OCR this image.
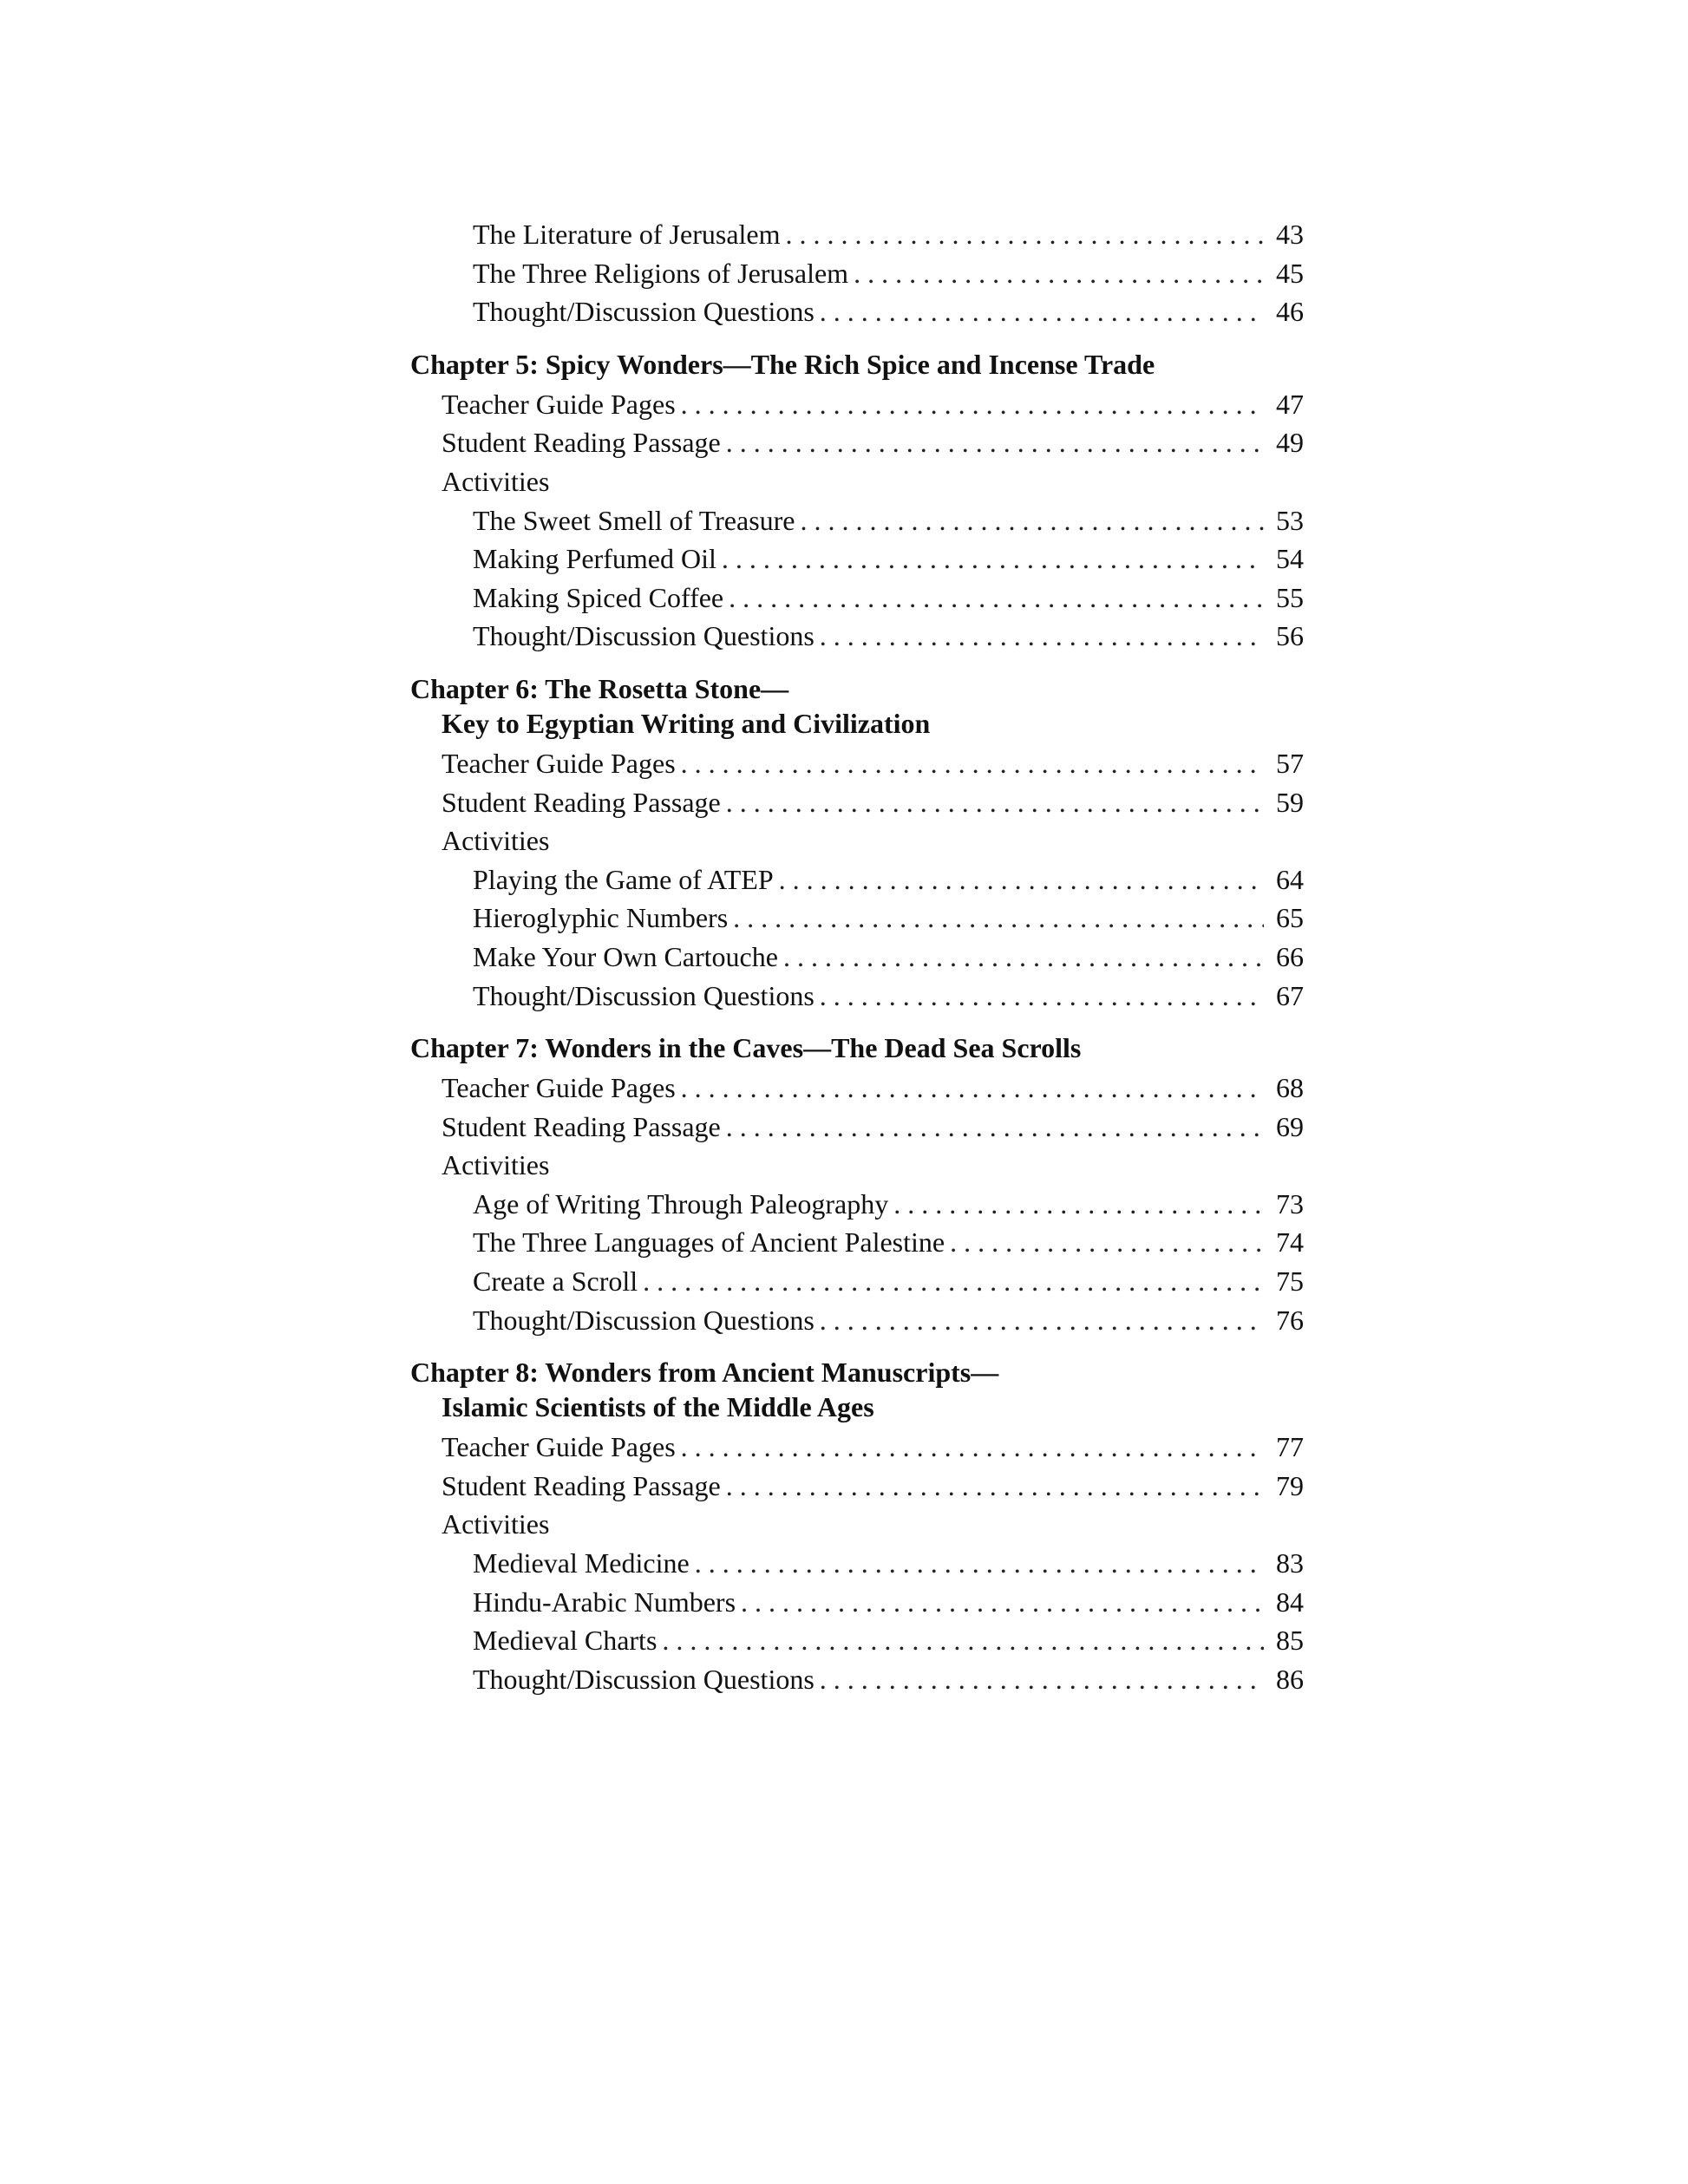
The Literature of Jerusalem . . .	43
The Three Religions of Jerusalem . . .	45
Thought/Discussion Questions . . .	46
Chapter 5: Spicy Wonders—The Rich Spice and Incense Trade
Teacher Guide Pages . . .	47
Student Reading Passage . . .	49
Activities
The Sweet Smell of Treasure . . .	53
Making Perfumed Oil . . .	54
Making Spiced Coffee . . .	55
Thought/Discussion Questions . . .	56
Chapter 6: The Rosetta Stone—
Key to Egyptian Writing and Civilization
Teacher Guide Pages . . .	57
Student Reading Passage . . .	59
Activities
Playing the Game of ATEP . . .	64
Hieroglyphic Numbers . . .	65
Make Your Own Cartouche . . .	66
Thought/Discussion Questions . . .	67
Chapter 7: Wonders in the Caves—The Dead Sea Scrolls
Teacher Guide Pages . . .	68
Student Reading Passage . . .	69
Activities
Age of Writing Through Paleography . . .	73
The Three Languages of Ancient Palestine . . .	74
Create a Scroll . . .	75
Thought/Discussion Questions . . .	76
Chapter 8: Wonders from Ancient Manuscripts—
Islamic Scientists of the Middle Ages
Teacher Guide Pages . . .	77
Student Reading Passage . . .	79
Activities
Medieval Medicine . . .	83
Hindu-Arabic Numbers . . .	84
Medieval Charts . . .	85
Thought/Discussion Questions . . .	86
